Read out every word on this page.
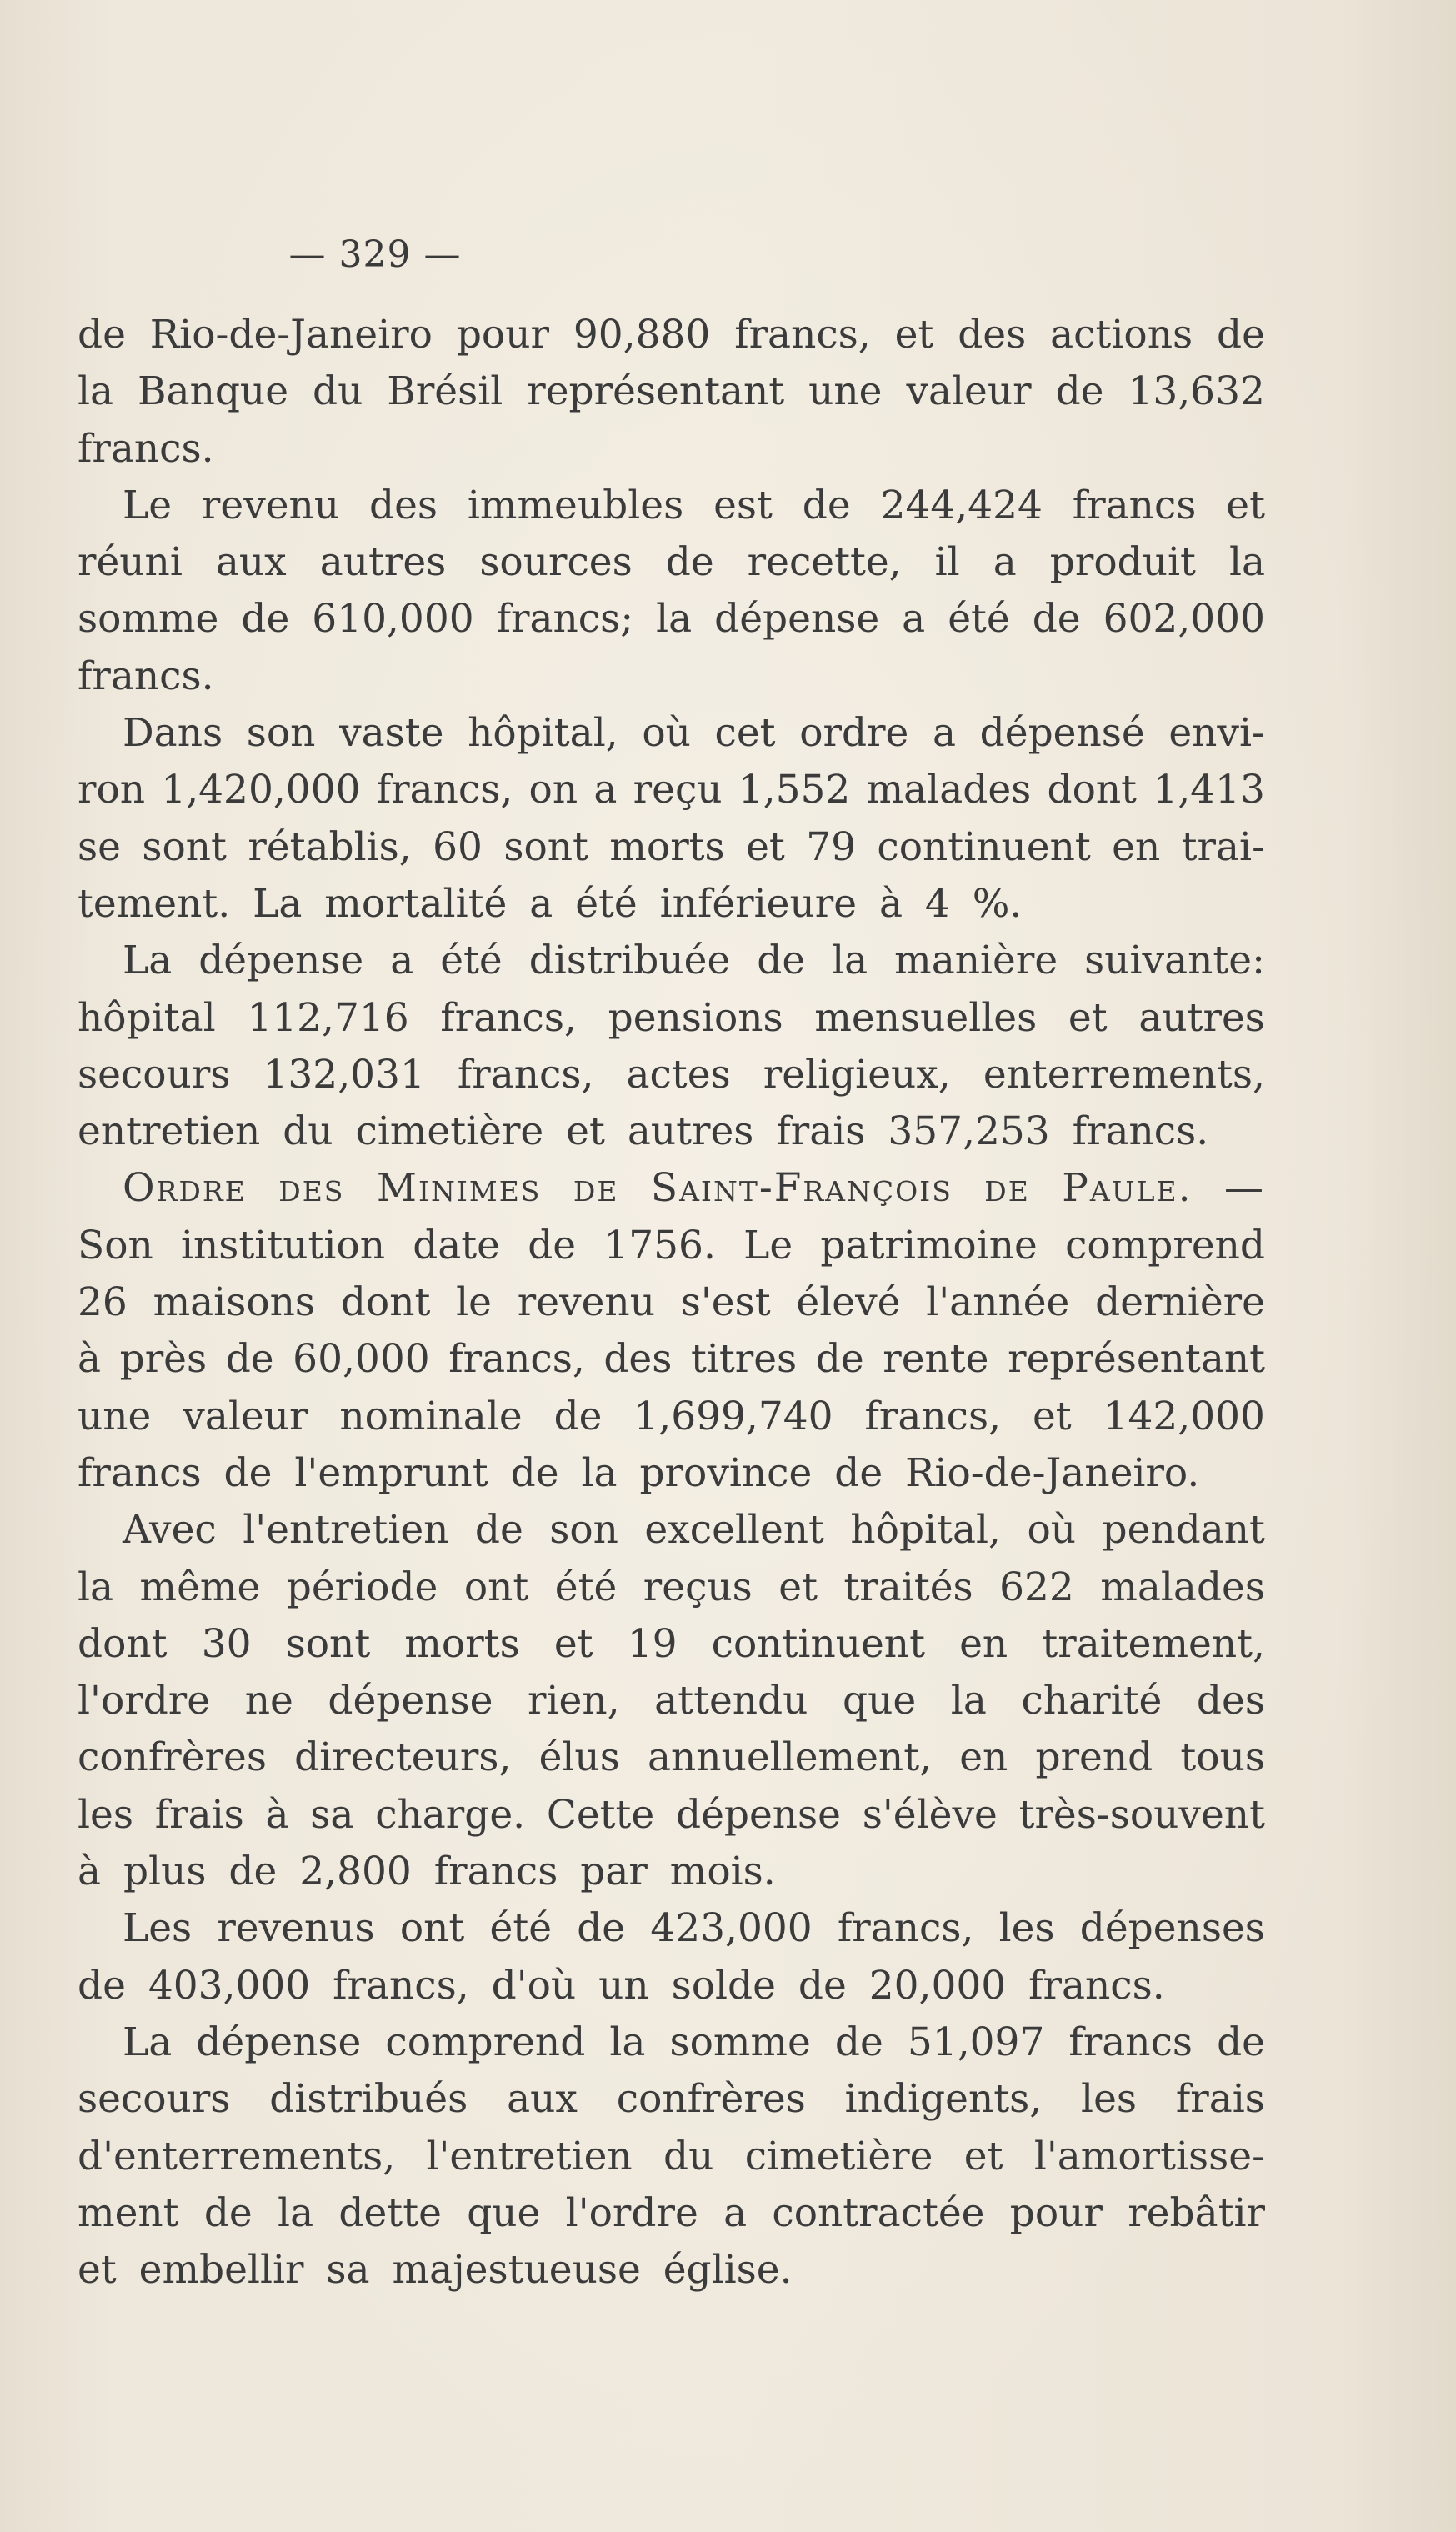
— 329 —
de Rio-de-Janeiro pour 90,880 francs, et des actions de
la Banque du Brésil représentant une valeur de 13,632
francs.
Le revenu des immeubles est de 244,424 francs et
réuni aux autres sources de recette, il a produit la
somme de 610,000 francs; la dépense a été de 602,000
francs.
Dans son vaste hôpital, où cet ordre a dépensé envi-
ron 1,420,000 francs, on a reçu 1,552 malades dont 1,413
se sont rétablis, 60 sont morts et 79 continuent en trai-
tement. La mortalité a été inférieure à 4 %.
La dépense a été distribuée de la manière suivante:
hôpital 112,716 francs, pensions mensuelles et autres
secours 132,031 francs, actes religieux, enterrements,
entretien du cimetière et autres frais 357,253 francs.
Ordre des Minimes de Saint-François de Paule. —
Son institution date de 1756. Le patrimoine comprend
26 maisons dont le revenu s'est élevé l'année dernière
à près de 60,000 francs, des titres de rente représentant
une valeur nominale de 1,699,740 francs, et 142,000
francs de l'emprunt de la province de Rio-de-Janeiro.
Avec l'entretien de son excellent hôpital, où pendant
la même période ont été reçus et traités 622 malades
dont 30 sont morts et 19 continuent en traitement,
l'ordre ne dépense rien, attendu que la charité des
confrères directeurs, élus annuellement, en prend tous
les frais à sa charge. Cette dépense s'élève très-souvent
à plus de 2,800 francs par mois.
Les revenus ont été de 423,000 francs, les dépenses
de 403,000 francs, d'où un solde de 20,000 francs.
La dépense comprend la somme de 51,097 francs de
secours distribués aux confrères indigents, les frais
d'enterrements, l'entretien du cimetière et l'amortisse-
ment de la dette que l'ordre a contractée pour rebâtir
et embellir sa majestueuse église.
